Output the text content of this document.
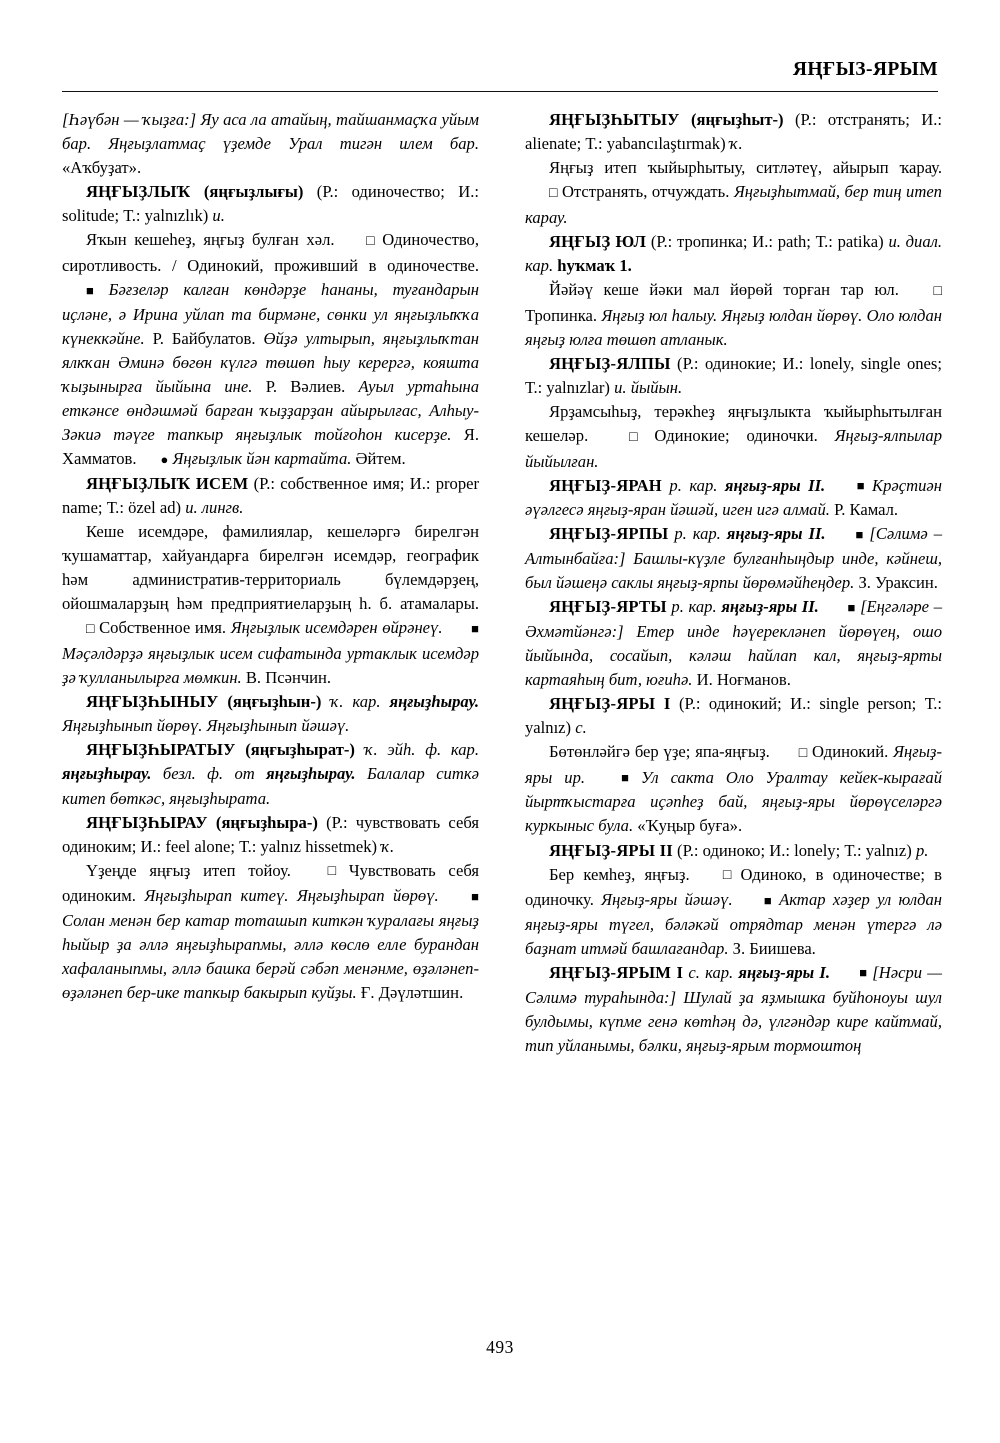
ЯҢҒЫЗ-ЯРЫМ

[Һәүбән — ҡыҙға:] Яу аса ла атайың, тайшанмаҫҡа уйым бар. Яңғыҙлатмаҫ үҙемде Урал тигән илем бар. «Аҡбуҙат».

ЯҢҒЫҘЛЫҠ (яңғыҙлығы) (Р.: одиночество; И.: solitude; Т.: yalnızlık) и.

Яҡын кешеһеҙ, яңғыҙ булған хәл. □ Одиночество, сиротливость. / Одинокий, проживший в одиночестве. ■ Бәғзеләр калған көндәрҙе һананы, туғандарын иҫләне, ә Ирина уйлап та бирмәне, сөнки ул яңғыҙлыҡҡа күнеккәйне. Р. Байбулатов. Өйҙә ултырып, яңғыҙлыҡтан ялкҡан Әминә бөгөн күлгә төшөп һыу керергә, кояшта ҡыҙынырға йыйына ине. Р. Вәлиев. Ауыл уртаһына еткәнсе өндәшмәй барған ҡыҙҙарҙан айырылғас, Алһыу-Зәкиә тәүге тапкыр яңғыҙлык тойғоһон кисерҙе. Я. Хамматов. ● Яңғыҙлык йән картайта. Әйтем.

ЯҢҒЫҘЛЫҠ ИСЕМ (Р.: собственное имя; И.: proper name; Т.: özel ad) и. лингв.

Кеше исемдәре, фамилиялар, кешеләргә бирелгән ҡушаматтар, хайуандарға бирелгән исемдәр, географик һәм административ-территориаль бүлемдәрҙең, ойошмаларҙың һәм предприятиеларҙың һ. б. атамалары. □ Собственное имя. Яңғыҙлык исемдәрен өйрәнеү. ■ Мәҫәлдәрҙә яңғыҙлык исем сифатында уртаклык исемдәр ҙә ҡулланылырға мөмкин. В. Псәнчин.

ЯҢҒЫҘҺЫНЫУ (яңғыҙһын-) ҡ. кар. яңғыҙһырау. Яңғыҙһынып йөрөү. Яңғыҙһынып йәшәү.

ЯҢҒЫҘҺЫРАТЫУ (яңғыҙһырат-) ҡ. эйһ. ф. кар. яңғыҙһырау. безл. ф. от яңғыҙһырау. Балалар ситкә китеп бөткәс, яңғыҙһырата.

ЯҢҒЫҘҺЫРАУ (яңғыҙһыра-) (Р.: чувствовать себя одиноким; И.: feel alone; Т.: yalnız hissetmek) ҡ.

Үҙеңде яңғыҙ итеп тойоу. □ Чувствовать себя одиноким. Яңғыҙһырап китеү. Яңғыҙһырап йөрөү. ■ Солан менән бер катар тоташып киткән ҡуралағы яңғыҙ һыйыр ҙа әллә яңғыҙһырапмы, әллә көслө елле бурандан хафаланыпмы, әллә башка берәй сәбәп менәнме, өҙәләнеп-өҙәләнеп бер-ике тапкыр бакырып куйҙы. Ғ. Дәүләтшин.

ЯҢҒЫҘҺЫТЫУ (яңғыҙһыт-) (Р.: отстранять; И.: alienate; Т.: yabancılaştırmak) ҡ.

Яңғыҙ итеп ҡыйырһытыу, ситләтеү, айырып ҡарау. □ Отстранять, отчуждать. Яңғыҙһытмай, бер тиң итеп карау.

ЯҢҒЫҘ ЮЛ (Р.: тропинка; И.: path; Т.: patika) и. диал. кар. һуҡмаҡ 1.

Йәйәү кеше йәки мал йөрөй торған тар юл. □ Тропинка. Яңғыҙ юл һалыу. Яңғыҙ юлдан йөрөү. Оло юлдан яңғыҙ юлға төшөп атланык.

ЯҢҒЫҘ-ЯЛПЫ (Р.: одинокие; И.: lonely, single ones; Т.: yalnızlar) и. йыйын.

Ярҙамсыһыҙ, терәкһеҙ яңғыҙлыкта ҡыйырһытылған кешеләр. □ Одинокие; одиночки. Яңғыҙ-ялпылар йыйылған.

ЯҢҒЫҘ-ЯРАН р. кар. яңғыҙ-яры II. ■ Крәҫтиән әүәлгесә яңғыҙ-яран йәшәй, иген игә алмай. Р. Камал.

ЯҢҒЫҘ-ЯРПЫ р. кар. яңғыҙ-яры II. ■ [Сәлимә – Алтынбайға:] Башлы-күҙле булғанһыңдыр инде, кәйнеш, был йәшеңә саклы яңғыҙ-ярпы йөрөмәйһеңдер. З. Ураксин.

ЯҢҒЫҘ-ЯРТЫ р. кар. яңғыҙ-яры II. ■ [Еңгәләре – Әхмәтйәнгә:] Етер инде һәүерекләнеп йөрөүең, ошо йыйында, сосайып, кәләш һайлап кал, яңғыҙ-ярты картаяһың бит, юғиһә. И. Ноғманов.

ЯҢҒЫҘ-ЯРЫ I (Р.: одинокий; И.: single person; Т.: yalnız) с.

Бөтөнләйгә бер үҙе; япа-яңғыҙ. □ Одинокий. Яңғыҙ-яры ир.	■ Ул сакта Оло Уралтау кейек-кырағай йыртҡыстарға иҫәпһеҙ бай, яңғыҙ-яры йөрөүселәргә куркыныс була. «Ҡуңыр буға».

ЯҢҒЫҘ-ЯРЫ II (Р.: одиноко; И.: lonely; Т.: yalnız) р.

Бер кемһеҙ, яңғыҙ. □ Одиноко, в одиночестве; в одиночку. Яңғыҙ-яры йәшәү. ■ Актар хәҙер ул юлдан яңғыҙ-яры түгел, бәләкәй отрядтар менән үтергә лә баҙнат итмәй башлағандар. З. Биишева.

ЯҢҒЫҘ-ЯРЫМ I с. кар. яңғыҙ-яры I. ■ [Нәсри — Сәлимә тураһында:] Шулай ҙа яҙмышка буйһоноуы шул булдымы, күпме генә көтһәң дә, үлгәндәр кире кайтмай, тип уйланымы, бәлки, яңғыҙ-ярым тормоштоң

493
